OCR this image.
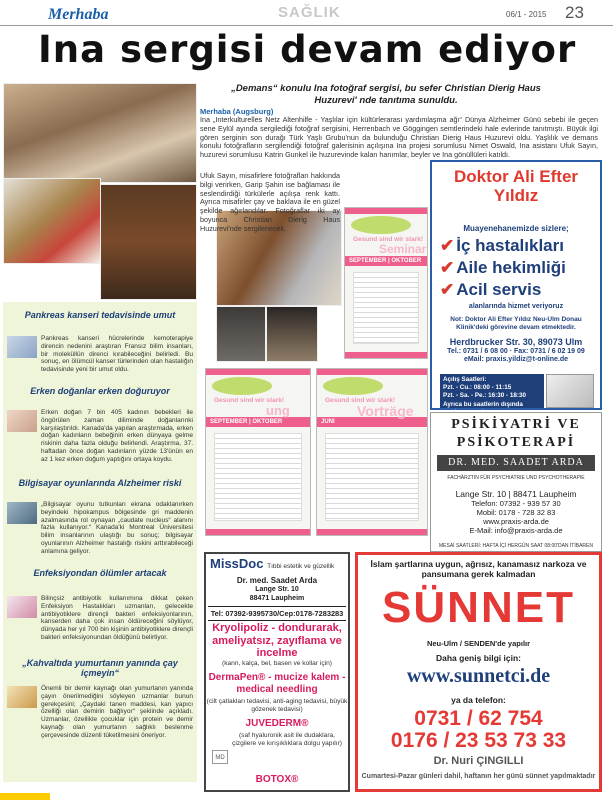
Merhaba	SAĞLIK	06/1 - 2015 23
Ina sergisi devam ediyor
„Demans“ konulu Ina fotoğraf sergisi, bu sefer Christian Dierig Haus Huzurevi' nde tanıtıma sunuldu.
Merhaba (Augsburg)
Ina „Interkulturelles Netz Altenhilfe - Yaşlılar için kültürlerarası yardımlaşma ağı“ Dünya Alzheimer Günü sebebi ile geçen sene Eylül ayında sergilediği fotoğraf sergisini, Herrenbach ve Göggingen semtlerindeki hale evlerinde tanıtmıştı. Büyük ilgi gören serginin son durağı Türk Yaşlı Grubu'nun da bulunduğu Christian Dierig Haus Huzurevi oldu. Yaşlılık ve demans konulu fotoğrafların sergilendiği fotoğraf galerisinin açılışına Ina projesi sorumlusu Nimet Oswald, Ina asistanı Ufuk Sayın, huzurevi sorumlusu Katrin Gunkel ile huzurevinde kalan hanımlar, beyler ve Ina gönüllüleri katıldı.
Ufuk Sayın, misafirlere fotoğrafları hakkında bilgi verirken, Garip Şahin ise bağlaması ile seslendirdiği türkülerle açılışa renk kattı. Ayrıca misafirler çay ve baklava ile en güzel şekilde ağırlandılar. Fotoğraflar iki ay boyunca Christian Dierig Haus Huzurevi'nde sergilenecek.
Pankreas kanseri tedavisinde umut
Pankreas kanseri hücrelerinde kemoterapiye direncin nedenini araştıran Fransız bilim insanları, bir moleküllün direnci kırabileceğini belirledi. Bu sonuç, en ölümcül kanser türlerinden olan hastalığın tedavisinde yeni bir umut oldu.
Erken doğanlar erken doğuruyor
Erken doğan 7 bin 405 kadının bebekleri ile öngörülen zaman diliminde doğanlarınki karşılaştırıldı. Kanada'da yapılan araştırmada, erken doğan kadınların bebeğinin erken dünyaya gelme riskinin daha fazla olduğu belirlendi. Araştırma, 37. haftadan önce doğan kadınların yüzde 13'ünün en az 1 kez erken doğum yaptığını ortaya koydu.
Bilgisayar oyunlarında Alzheimer riski
„Bilgisayar oyunu tutkunları ekrana odaklanırken beyindeki hipokampus bölgesinde gri maddenin azalmasında rol oynayan „caudate nucleus“ alanını fazla kullanıyor.“ Kanada'ki Montreal Üniversitesi bilim insanlarının ulaştığı bu sonuç; bilgisayar oyunlarının Alzheimer hastalığı riskini arttırabileceği anlamına geliyor.
Enfeksiyondan ölümler artacak
Bilinçsiz antibiyotik kullanımına dikkat çeken Enfeksiyon Hastalıkları uzmanları, gelecekte antibiyotiklere dirençli bakteri enfeksiyonlarının, kanserden daha çok insan öldüreceğini söylüyor, dünyada her yıl 700 bin kişinin antibiyotiklere dirençli bakteri enfeksiyonundan öldüğünü belirtiyor.
„Kahvaltıda yumurtanın yanında çay içmeyin“
Önemli bir demir kaynağı olan yumurtanın yanında çayın önerilmediğini söyleyen uzmanlar bunun gerekçesini; „Çaydaki tanen maddesi, kan yapıcı özelliği olan demirin bağlıyor“ şeklinde açıkladı. Uzmanlar, özellikle çocuklar için protein ve demir kaynağı olan yumurtanın sağlıklı beslenme çerçevesinde düzenli tüketilmesini öneriyor.
Gesund sind wir stark!
SEPTEMBER | OKTOBER
Seminar
Gesund sind wir stark!
SEPTEMBER | OKTOBER
ung
Gesund sind wir stark!
JUNI
Vorträge
Doktor Ali Efter Yıldız
Muayenehanemizde sizlere;
✔ İç hastalıkları
✔ Aile hekimliği
✔ Acil servis
alanlarında hizmet veriyoruz
Not: Doktor Ali Efter Yıldız Neu-Ulm Donau Klinik'deki görevine devam etmektedir.
Herdbrucker Str. 30, 89073 Ulm
Tel.: 0731 / 6 08 00 · Fax: 0731 / 6 02 19 09
eMail: praxis.yildiz@t-online.de
Açılış Saatleri:
Pzt. - Cu.: 08:00 - 11:15
Pzt. - Sa. - Pe.: 16:30 - 18:30
Ayrıca bu saatlerin dışında
PSİKİYATRİ VE
PSİKOTERAPİ
DR. MED. SAADET ARDA
FACHÄRZTIN FÜR PSYCHIATRIE UND PSYCHOTHERAPIE
Lange Str. 10 | 88471 Laupheim
Telefon: 07392 - 939 57 30
Mobil: 0178 - 728 32 83
www.praxis-arda.de
E-Mail: info@praxis-arda.de
MESAİ SAATLERİ: HAFTA İÇİ HERGÜN SAAT 08:00'DAN İTİBAREN
MissDoc Tıbbi estetik ve güzellik
Dr. med. Saadet Arda
Lange Str. 10
88471 Laupheim
Tel: 07392-9395730/Cep:0178-7283283
Kryolipoliz - dondurarak, ameliyatsız, zayıflama ve incelme
(kann, kalça, bel, basen ve kollar için)
DermaPen® - mucize kalem - medical needling
(cilt çatlakları tedavisi, anti-aging tedavisi, büyük gözenek tedavisi)
JUVEDERM®
(saf hyaluronik asit ile dudaklara, çizgilere ve kırışıklıklara dolgu yapılır)
MD
BOTOX®
İslam şartlarına uygun, ağrısız, kanamasız narkoza ve pansumana gerek kalmadan
SÜNNET
Neu-Ulm / SENDEN'de yapılır
Daha geniş bilgi için:
www.sunnetci.de
ya da telefon:
0731 / 62 754
0176 / 23 53 73 33
Dr. Nuri ÇINGILLI
Cumartesi-Pazar günleri dahil, haftanın her günü sünnet yapılmaktadır
